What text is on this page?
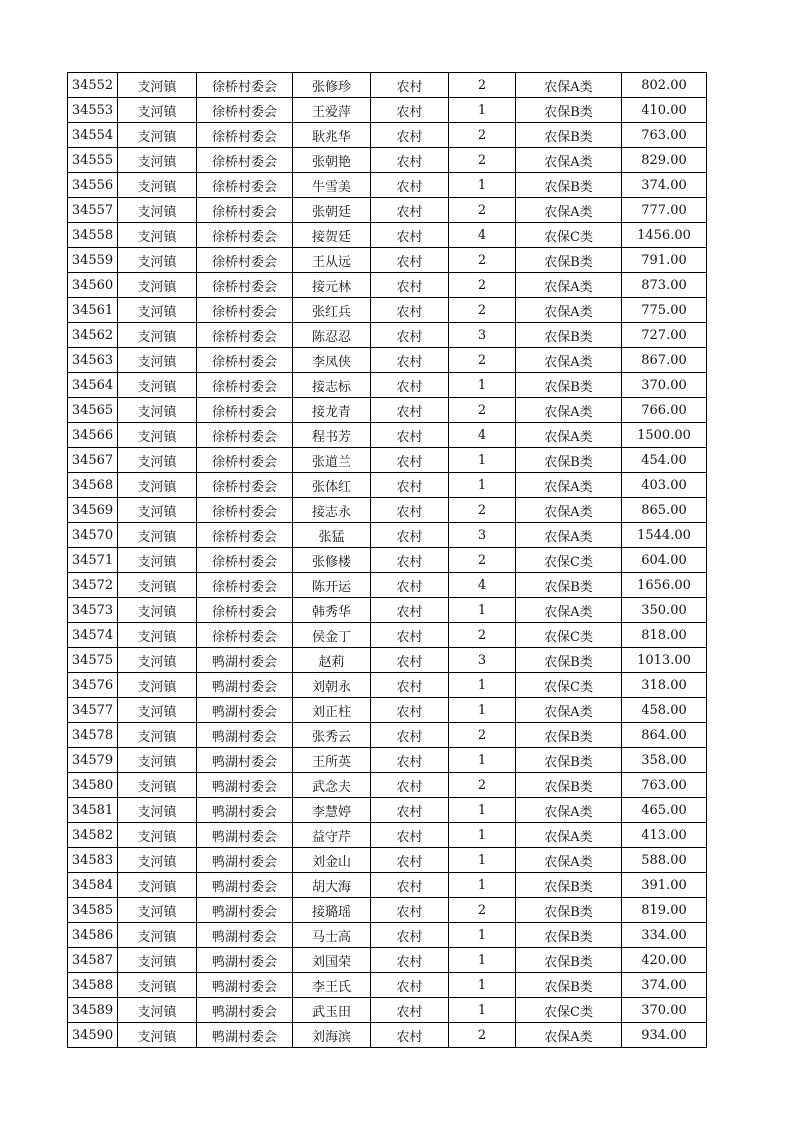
34552	支河镇	徐桥村委会	张修珍	农村	2	农保A类	802.00
34553	支河镇	徐桥村委会	王爱萍	农村	1	农保B类	410.00
34554	支河镇	徐桥村委会	耿兆华	农村	2	农保B类	763.00
34555	支河镇	徐桥村委会	张朝艳	农村	2	农保A类	829.00
34556	支河镇	徐桥村委会	牛雪美	农村	1	农保B类	374.00
34557	支河镇	徐桥村委会	张朝廷	农村	2	农保A类	777.00
34558	支河镇	徐桥村委会	接贺廷	农村	4	农保C类	1456.00
34559	支河镇	徐桥村委会	王从远	农村	2	农保B类	791.00
34560	支河镇	徐桥村委会	接元林	农村	2	农保A类	873.00
34561	支河镇	徐桥村委会	张红兵	农村	2	农保A类	775.00
34562	支河镇	徐桥村委会	陈忍忍	农村	3	农保B类	727.00
34563	支河镇	徐桥村委会	李凤侠	农村	2	农保A类	867.00
34564	支河镇	徐桥村委会	接志标	农村	1	农保B类	370.00
34565	支河镇	徐桥村委会	接龙青	农村	2	农保A类	766.00
34566	支河镇	徐桥村委会	程书芳	农村	4	农保A类	1500.00
34567	支河镇	徐桥村委会	张道兰	农村	1	农保B类	454.00
34568	支河镇	徐桥村委会	张体红	农村	1	农保A类	403.00
34569	支河镇	徐桥村委会	接志永	农村	2	农保A类	865.00
34570	支河镇	徐桥村委会	张猛	农村	3	农保A类	1544.00
34571	支河镇	徐桥村委会	张修楼	农村	2	农保C类	604.00
34572	支河镇	徐桥村委会	陈开运	农村	4	农保B类	1656.00
34573	支河镇	徐桥村委会	韩秀华	农村	1	农保A类	350.00
34574	支河镇	徐桥村委会	侯金丁	农村	2	农保C类	818.00
34575	支河镇	鸭湖村委会	赵莉	农村	3	农保B类	1013.00
34576	支河镇	鸭湖村委会	刘朝永	农村	1	农保C类	318.00
34577	支河镇	鸭湖村委会	刘正柱	农村	1	农保A类	458.00
34578	支河镇	鸭湖村委会	张秀云	农村	2	农保B类	864.00
34579	支河镇	鸭湖村委会	王所英	农村	1	农保B类	358.00
34580	支河镇	鸭湖村委会	武念夫	农村	2	农保B类	763.00
34581	支河镇	鸭湖村委会	李慧婷	农村	1	农保A类	465.00
34582	支河镇	鸭湖村委会	益守芹	农村	1	农保A类	413.00
34583	支河镇	鸭湖村委会	刘金山	农村	1	农保A类	588.00
34584	支河镇	鸭湖村委会	胡大海	农村	1	农保B类	391.00
34585	支河镇	鸭湖村委会	接璐瑶	农村	2	农保B类	819.00
34586	支河镇	鸭湖村委会	马士高	农村	1	农保B类	334.00
34587	支河镇	鸭湖村委会	刘国荣	农村	1	农保B类	420.00
34588	支河镇	鸭湖村委会	李王氏	农村	1	农保B类	374.00
34589	支河镇	鸭湖村委会	武玉田	农村	1	农保C类	370.00
34590	支河镇	鸭湖村委会	刘海滨	农村	2	农保A类	934.00
